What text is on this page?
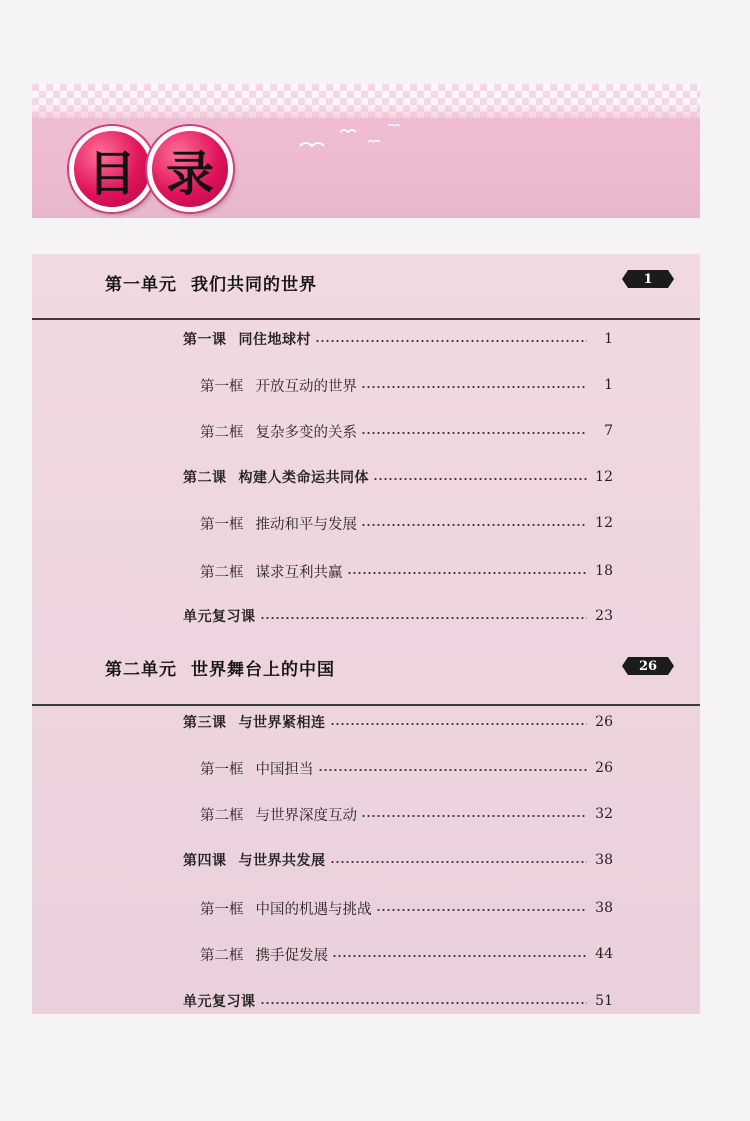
目 录
第一单元 我们共同的世界	1
第一课 同住地球村	1
第一框 开放互动的世界	1
第二框 复杂多变的关系	7
第二课 构建人类命运共同体	12
第一框 推动和平与发展	12
第二框 谋求互利共赢	18
单元复习课	23
第二单元 世界舞台上的中国	26
第三课 与世界紧相连	26
第一框 中国担当	26
第二框 与世界深度互动	32
第四课 与世界共发展	38
第一框 中国的机遇与挑战	38
第二框 携手促发展	44
单元复习课	51
